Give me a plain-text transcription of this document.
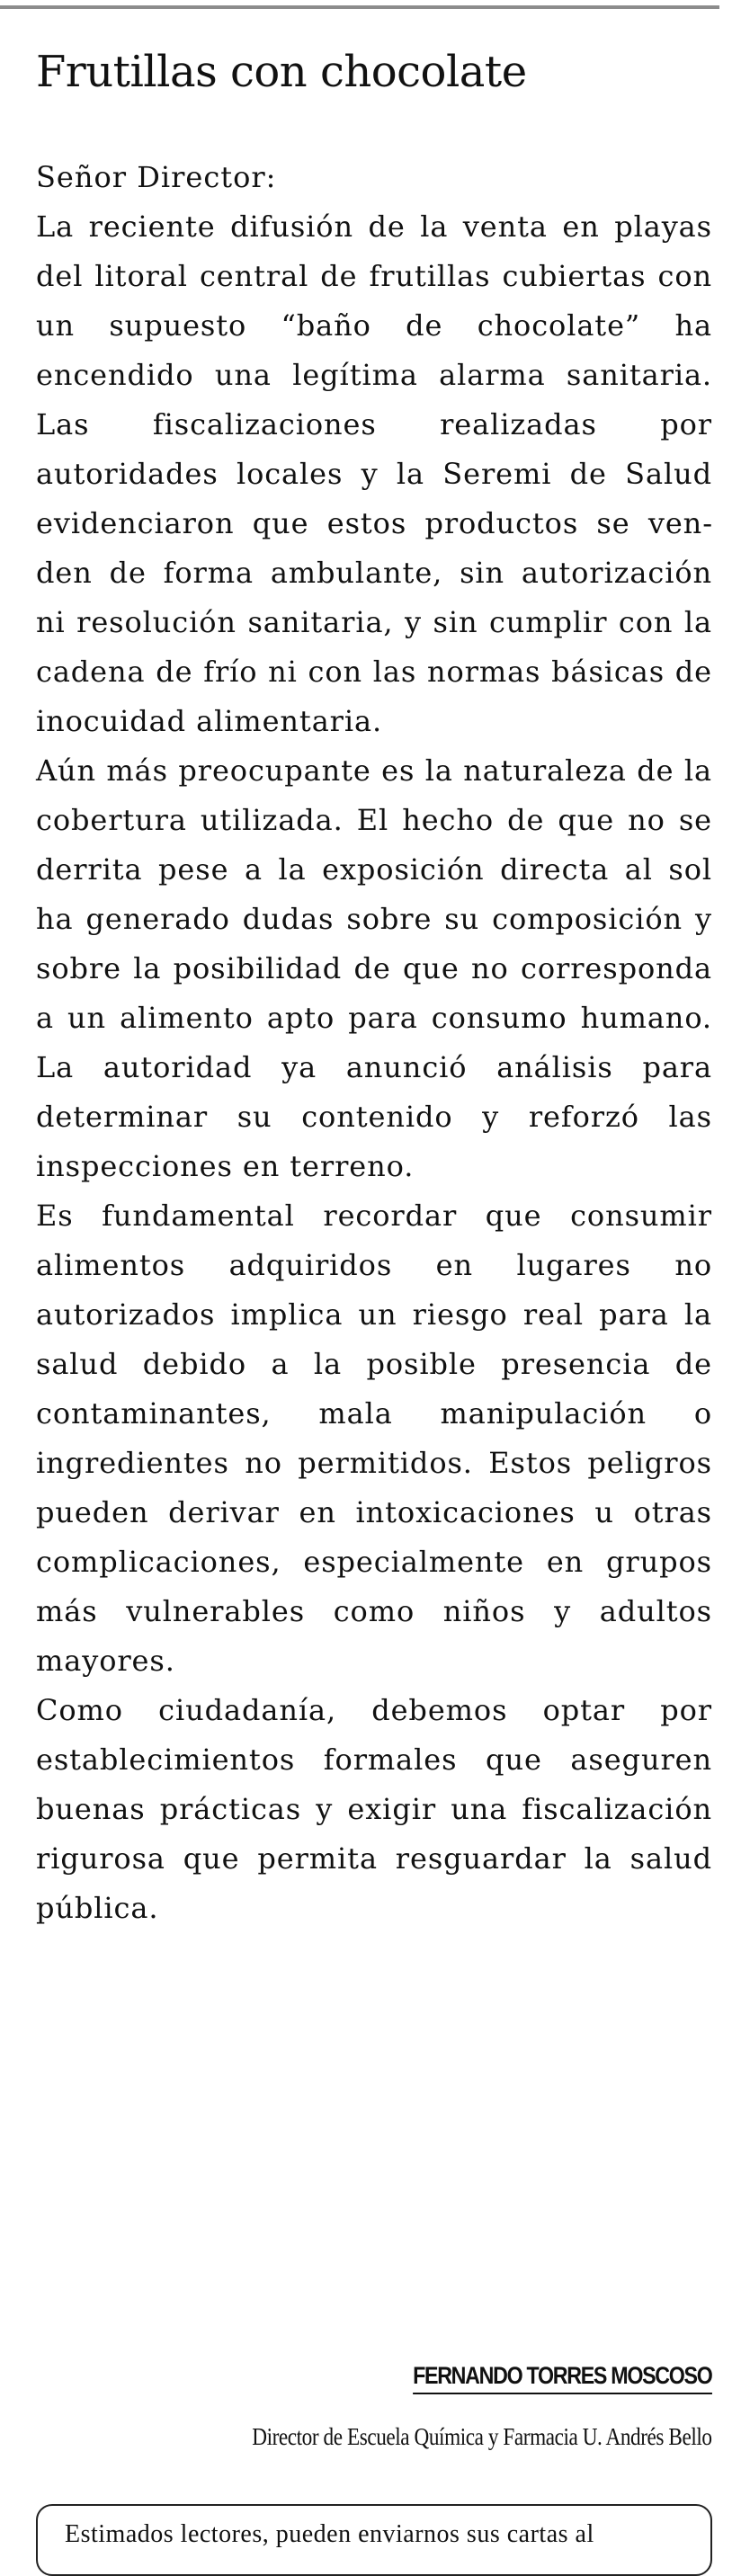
Frutillas con chocolate

Señor Director:

La reciente difusión de la venta en playas del litoral central de frutillas cubiertas con un supuesto “baño de chocolate” ha encendido una legítima alarma sanitaria. Las fiscalizaciones realizadas por autoridades locales y la Seremi de Salud evidenciaron que estos productos se venden de forma ambulante, sin autorización ni resolución sanitaria, y sin cumplir con la cadena de frío ni con las normas básicas de inocuidad alimentaria.

Aún más preocupante es la naturaleza de la cobertura utilizada. El hecho de que no se derrita pese a la exposición directa al sol ha generado dudas sobre su composición y sobre la posibilidad de que no corresponda a un alimento apto para consumo humano. La autoridad ya anunció análisis para determinar su contenido y reforzó las inspecciones en terreno.

Es fundamental recordar que consumir alimentos adquiridos en lugares no autorizados implica un riesgo real para la salud debido a la posible presencia de contaminantes, mala manipulación o ingredientes no permitidos. Estos peligros pueden derivar en intoxicaciones u otras complicaciones, especialmente en grupos más vulnerables como niños y adultos mayores.

Como ciudadanía, debemos optar por establecimientos formales que aseguren buenas prácticas y exigir una fiscalización rigurosa que permita resguardar la salud pública.

FERNANDO TORRES MOSCOSO
Director de Escuela Química y Farmacia U. Andrés Bello
Estimados lectores, pueden enviarnos sus cartas al
